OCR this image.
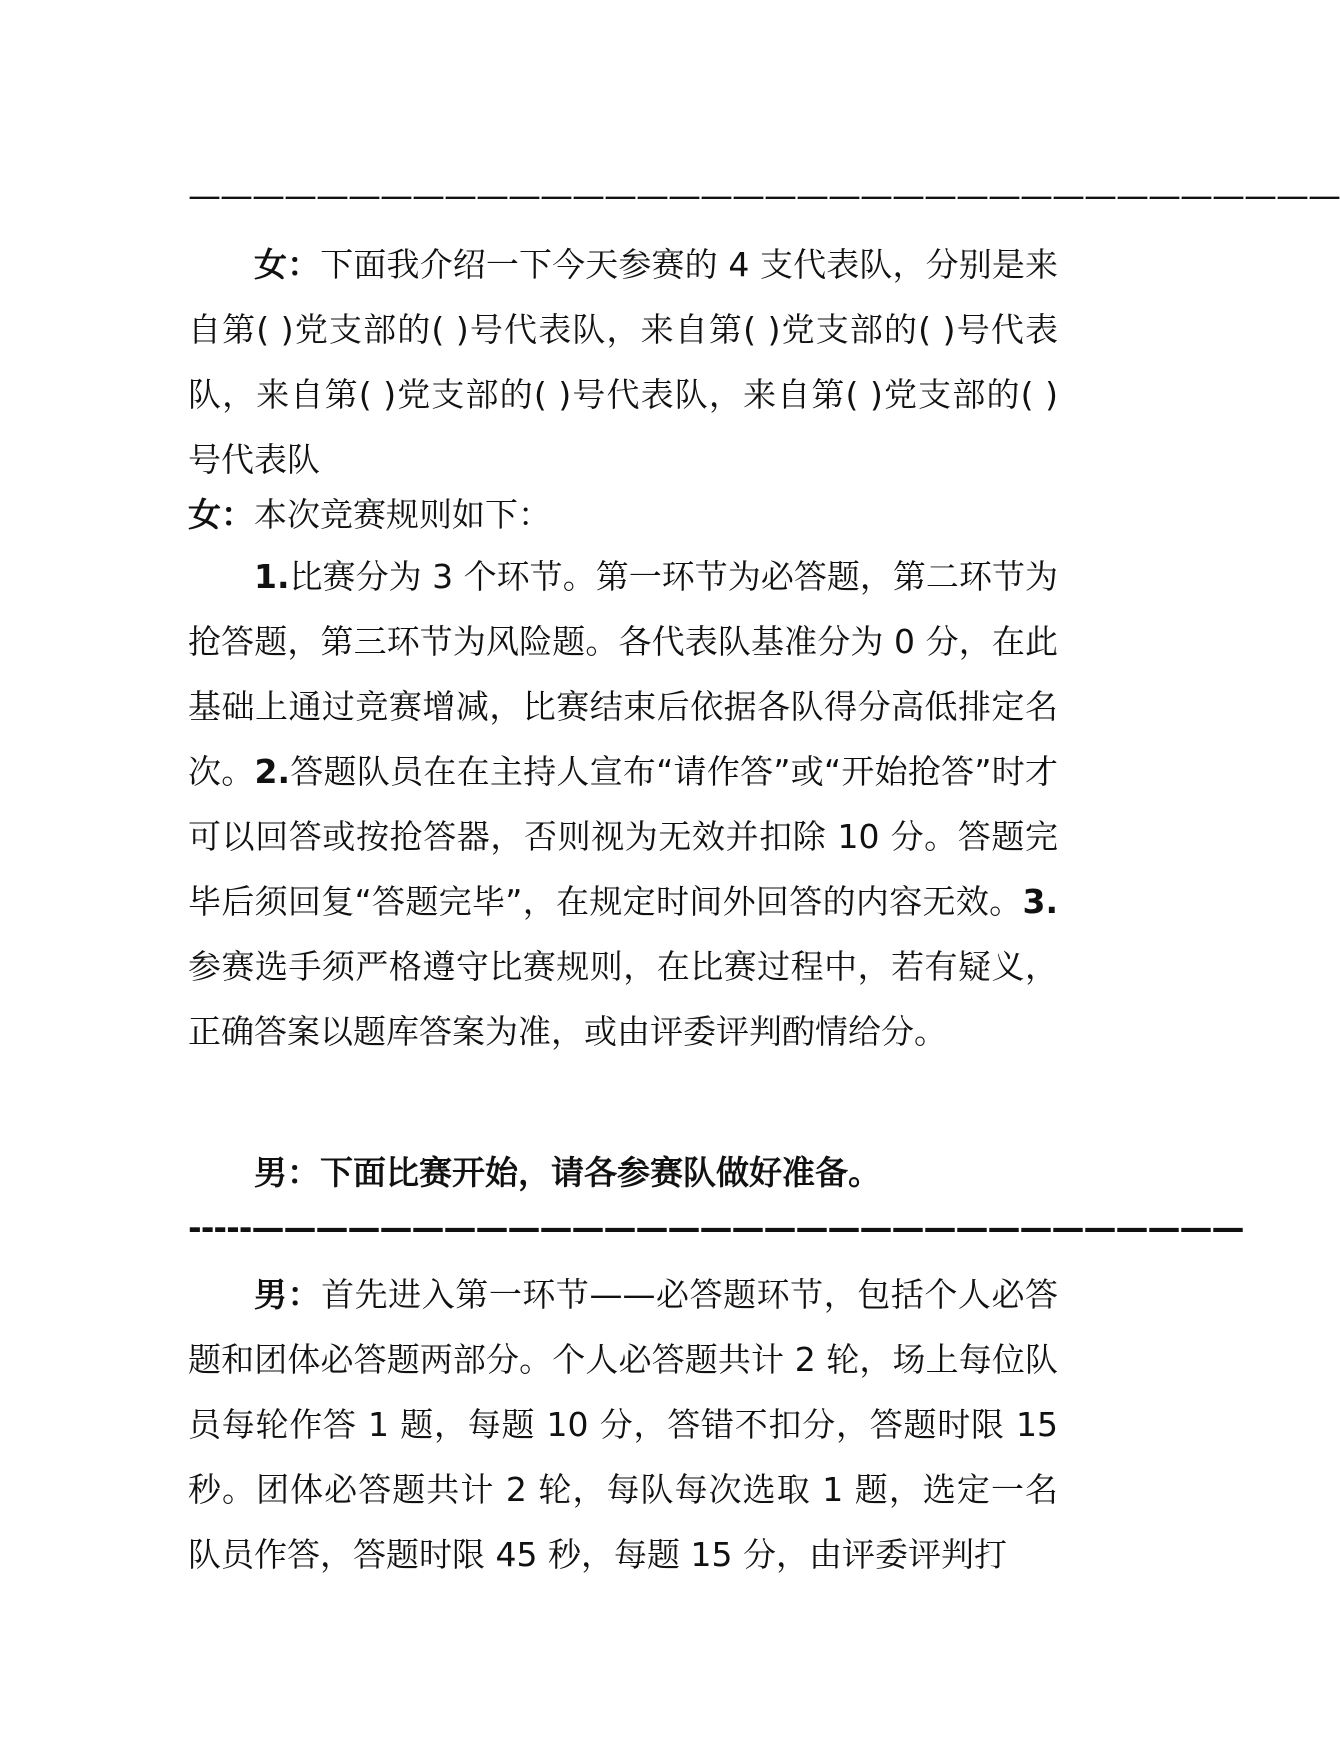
————————————————————————————————————

女：下面我介绍一下今天参赛的 4 支代表队，分别是来自第( )党支部的( )号代表队，来自第( )党支部的( )号代表队，来自第( )党支部的( )号代表队，来自第( )党支部的( )号代表队

女：本次竞赛规则如下：

1.比赛分为 3 个环节。第一环节为必答题，第二环节为抢答题，第三环节为风险题。各代表队基准分为 0 分，在此基础上通过竞赛增减，比赛结束后依据各队得分高低排定名次。2.答题队员在在主持人宣布“请作答”或“开始抢答”时才可以回答或按抢答器，否则视为无效并扣除 10 分。答题完毕后须回复“答题完毕”，在规定时间外回答的内容无效。3.参赛选手须严格遵守比赛规则，在比赛过程中，若有疑义，正确答案以题库答案为准，或由评委评判酌情给分。

男：下面比赛开始，请各参赛队做好准备。

-----———————————————————————————————

男：首先进入第一环节——必答题环节，包括个人必答题和团体必答题两部分。个人必答题共计 2 轮，场上每位队员每轮作答 1 题，每题 10 分，答错不扣分，答题时限 15 秒。团体必答题共计 2 轮，每队每次选取 1 题，选定一名队员作答，答题时限 45 秒，每题 15 分，由评委评判打
